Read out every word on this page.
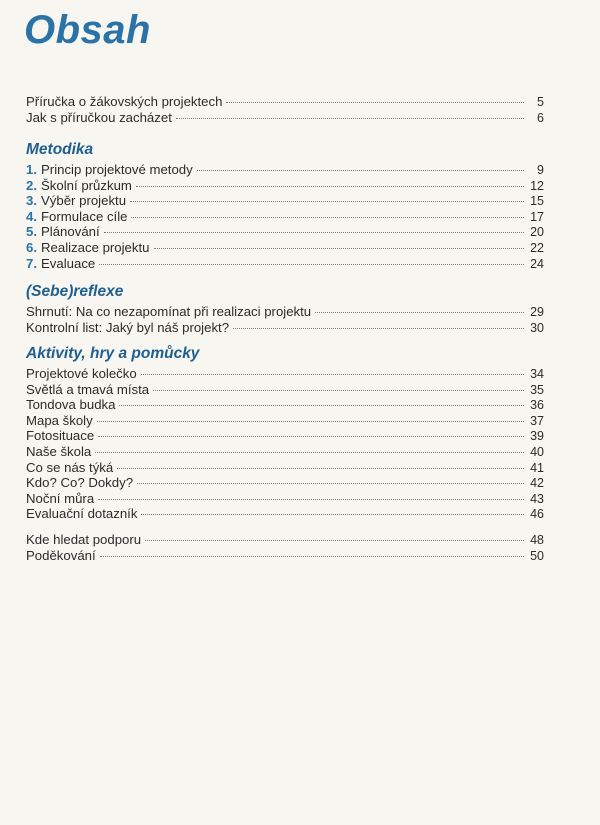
Obsah
Příručka o žákovských projektech	5
Jak s příručkou zacházet	6
Metodika
1. Princip projektové metody	9
2. Školní průzkum	12
3. Výběr projektu	15
4. Formulace cíle	17
5. Plánování	20
6. Realizace projektu	22
7. Evaluace	24
(Sebe)reflexe
Shrnutí: Na co nezapomínat při realizaci projektu	29
Kontrolní list: Jaký byl náš projekt?	30
Aktivity, hry a pomůcky
Projektové kolečko	34
Světlá a tmavá místa	35
Tondova budka	36
Mapa školy	37
Fotosituace	39
Naše škola	40
Co se nás týká	41
Kdo? Co? Dokdy?	42
Noční můra	43
Evaluační dotazník	46
Kde hledat podporu	48
Poděkování	50
